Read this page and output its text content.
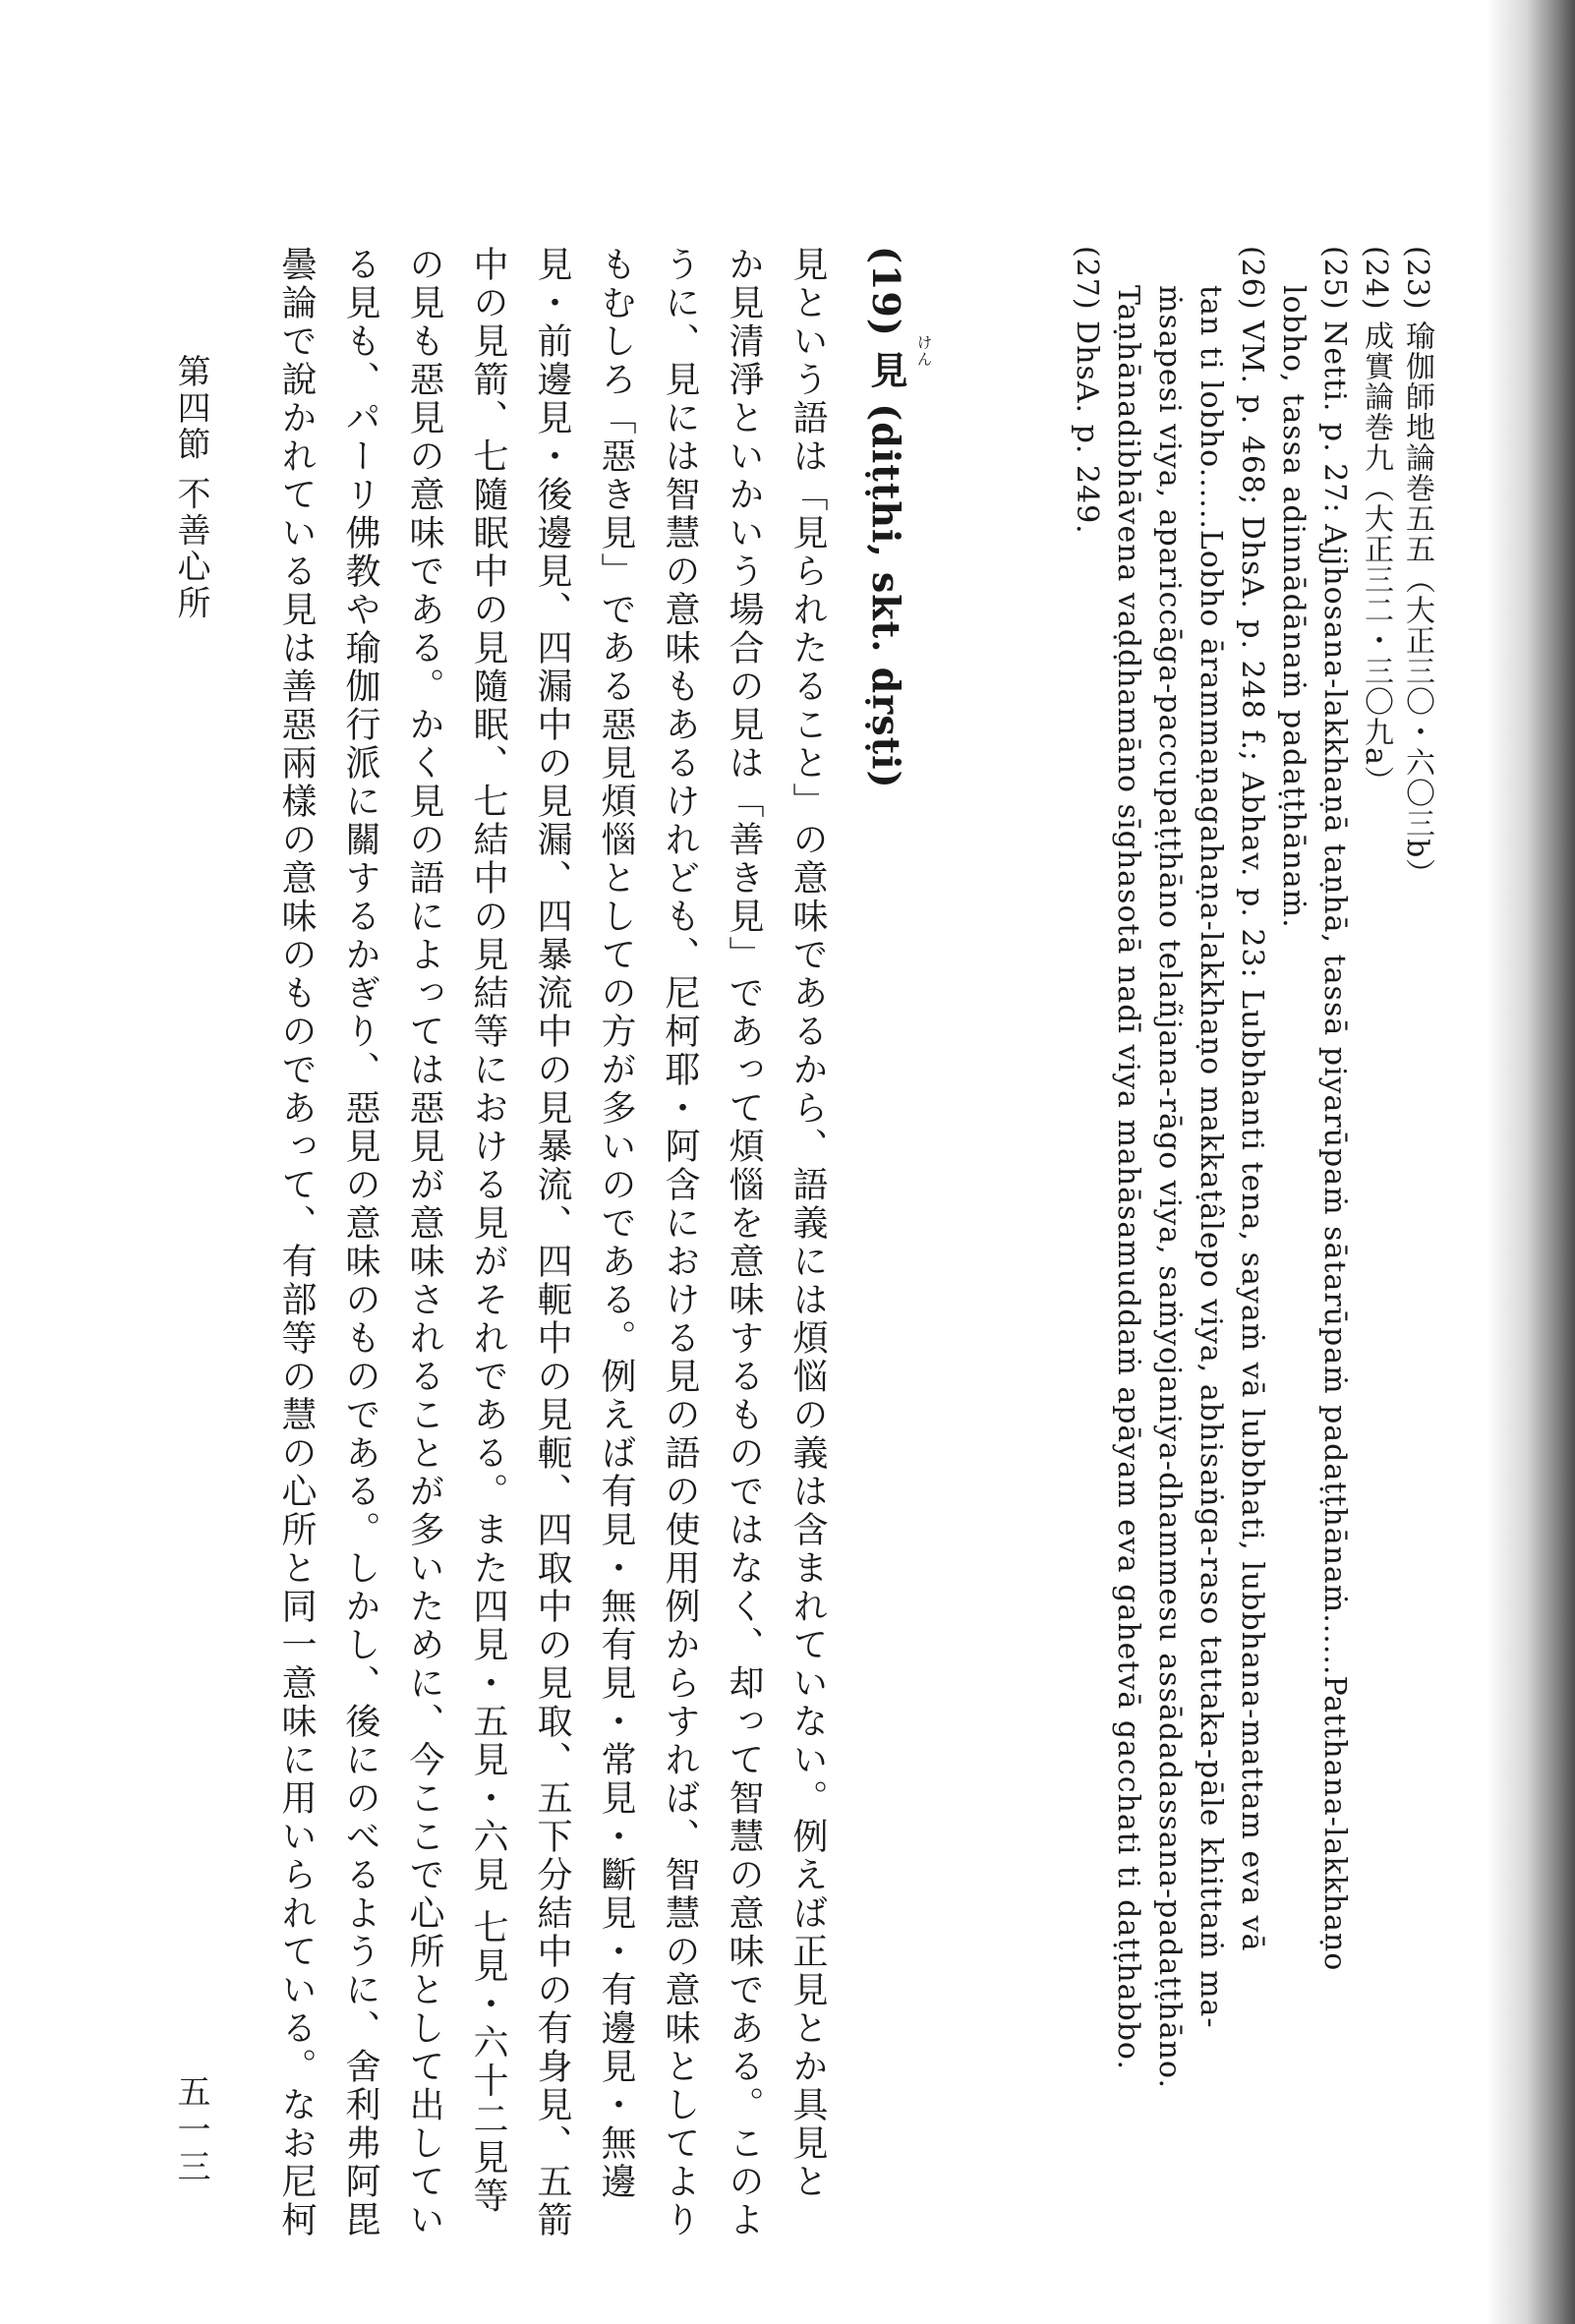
(23) 瑜伽師地論巻五五（大正三〇・六〇三b）
(24) 成實論巻九（大正三二・三〇九a）
(25) Netti. p. 27: Ajjhosana-lakkhaṇā taṇhā, tassā piyarūpaṁ sātarūpaṁ padaṭṭhānaṁ......Patthana-lakkhaṇo
lobho, tassa adinnādānaṁ padaṭṭhānaṁ.
(26) VM. p. 468; DhsA. p. 248 f.; Abhav. p. 23: Lubbhanti tena, sayaṁ vā lubbhati, lubbhana-mattam eva vā
tan ti lobho......Lobho ārammaṇagahaṇa-lakkhaṇo makkaṭâlepo viya, abhisaṅga-raso tattaka-pāle khittaṁ ma-
ṁsapesi viya, apariccāga-paccupaṭṭhāno telañjana-rāgo viya, saṁyojaniya-dhammesu assādadassana-padaṭṭhāno.
Taṇhānadibhāvena vaḍḍhamāno sīghasotā nadī viya mahāsamuddaṁ apāyam eva gahetvā gacchati ti daṭṭhabbo.
(27) DhsA. p. 249.
(19) 見 (diṭṭhi, skt. dṛṣṭi) けん
見という語は「見られたること」の意味であるから、語義には煩悩の義は含まれていない。例えば正見とか具見と
か見清淨といかいう場合の見は「善き見」であって煩惱を意味するものではなく、却って智慧の意味である。このよ
うに、見には智慧の意味もあるけれども、尼柯耶・阿含における見の語の使用例からすれば、智慧の意味としてより
もむしろ「惡き見」である惡見煩惱としての方が多いのである。例えば有見・無有見・常見・斷見・有邊見・無邊
見・前邊見・後邊見、四漏中の見漏、四暴流中の見暴流、四軛中の見軛、四取中の見取、五下分結中の有身見、五箭
中の見箭、七隨眠中の見隨眠、七結中の見結等における見がそれである。また四見・五見・六見 七見・六十二見等
の見も惡見の意味である。かく見の語によっては惡見が意味されることが多いために、今ここで心所として出してい
る見も、パーリ佛教や瑜伽行派に關するかぎり、惡見の意味のものである。しかし、後にのべるように、舍利弗阿毘
曇論で說かれている見は善惡兩樣の意味のものであって、有部等の慧の心所と同一意味に用いられている。なお尼柯
第四節 不善心所
五一三
